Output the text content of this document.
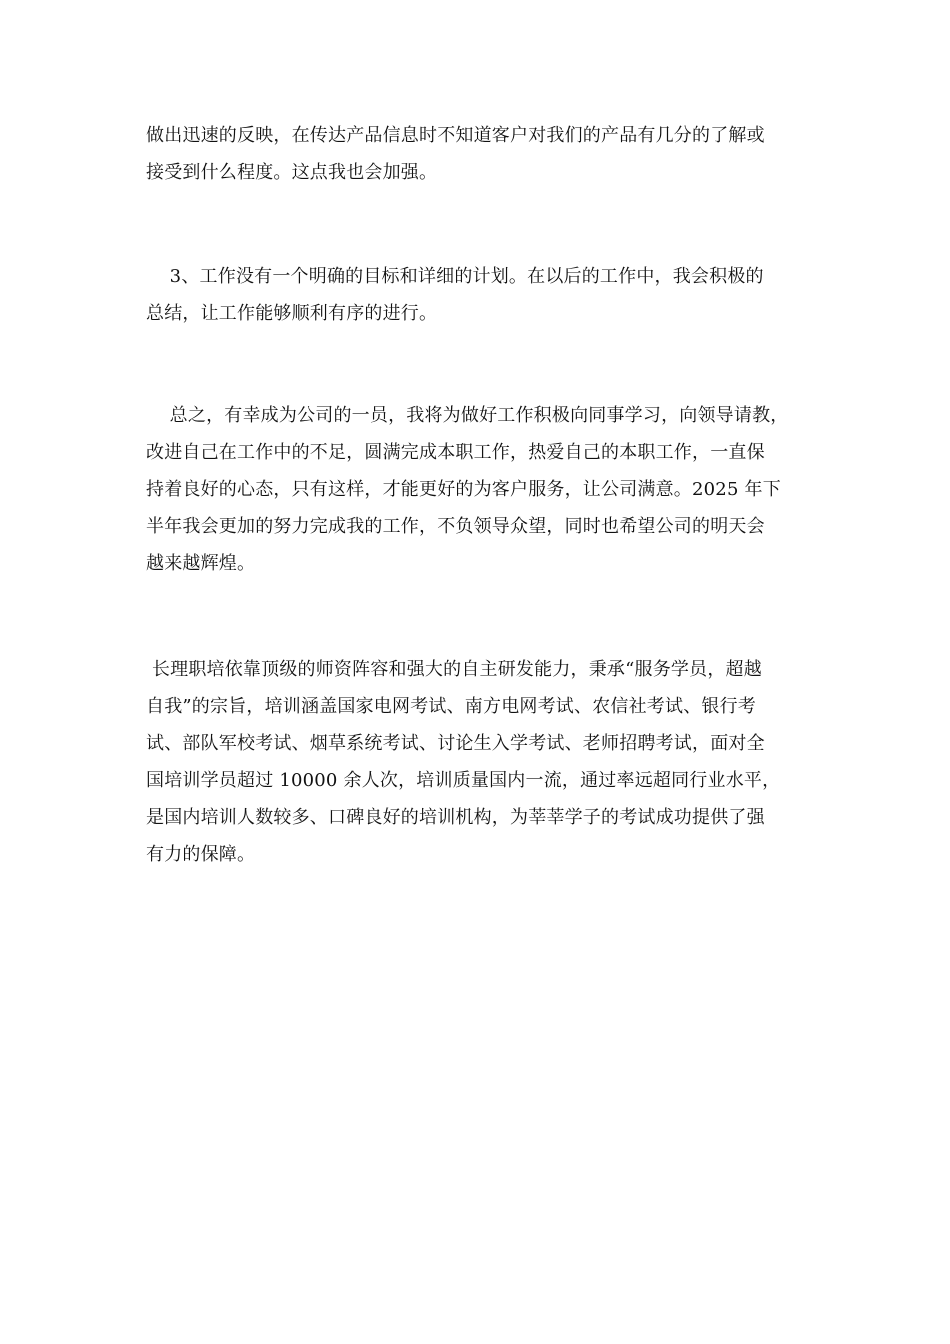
做出迅速的反映，在传达产品信息时不知道客户对我们的产品有几分的了解或
接受到什么程度。这点我也会加强。
3、工作没有一个明确的目标和详细的计划。在以后的工作中，我会积极的
总结，让工作能够顺利有序的进行。
总之，有幸成为公司的一员，我将为做好工作积极向同事学习，向领导请教，
改进自己在工作中的不足，圆满完成本职工作，热爱自己的本职工作，一直保
持着良好的心态，只有这样，才能更好的为客户服务，让公司满意。2025 年下
半年我会更加的努力完成我的工作，不负领导众望，同时也希望公司的明天会
越来越辉煌。
长理职培依靠顶级的师资阵容和强大的自主研发能力，秉承“服务学员，超越
自我”的宗旨，培训涵盖国家电网考试、南方电网考试、农信社考试、银行考
试、部队军校考试、烟草系统考试、讨论生入学考试、老师招聘考试，面对全
国培训学员超过 10000 余人次，培训质量国内一流，通过率远超同行业水平，
是国内培训人数较多、口碑良好的培训机构，为莘莘学子的考试成功提供了强
有力的保障。
